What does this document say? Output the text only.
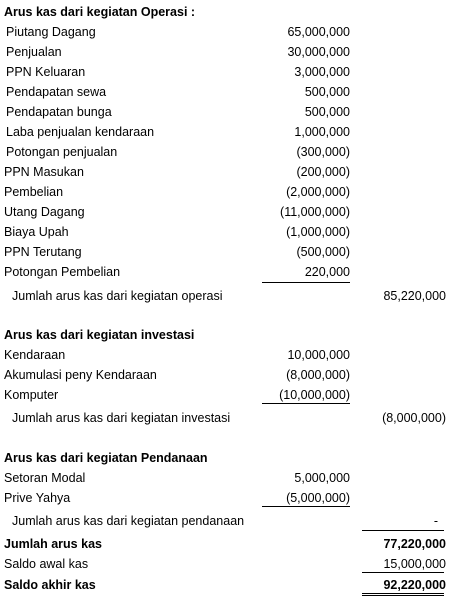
Arus kas dari kegiatan Operasi :
Piutang Dagang	65,000,000
Penjualan	30,000,000
PPN Keluaran	3,000,000
Pendapatan sewa	500,000
Pendapatan bunga	500,000
Laba penjualan kendaraan	1,000,000
Potongan penjualan	(300,000)
PPN Masukan	(200,000)
Pembelian	(2,000,000)
Utang Dagang	(11,000,000)
Biaya Upah	(1,000,000)
PPN Terutang	(500,000)
Potongan Pembelian	220,000
Jumlah arus kas dari kegiatan operasi	85,220,000
Arus kas dari kegiatan investasi
Kendaraan	10,000,000
Akumulasi peny Kendaraan	(8,000,000)
Komputer	(10,000,000)
Jumlah arus kas dari kegiatan investasi	(8,000,000)
Arus kas dari kegiatan Pendanaan
Setoran Modal	5,000,000
Prive Yahya	(5,000,000)
Jumlah arus kas dari kegiatan pendanaan	-
Jumlah arus kas	77,220,000
Saldo awal kas	15,000,000
Saldo akhir kas	92,220,000
